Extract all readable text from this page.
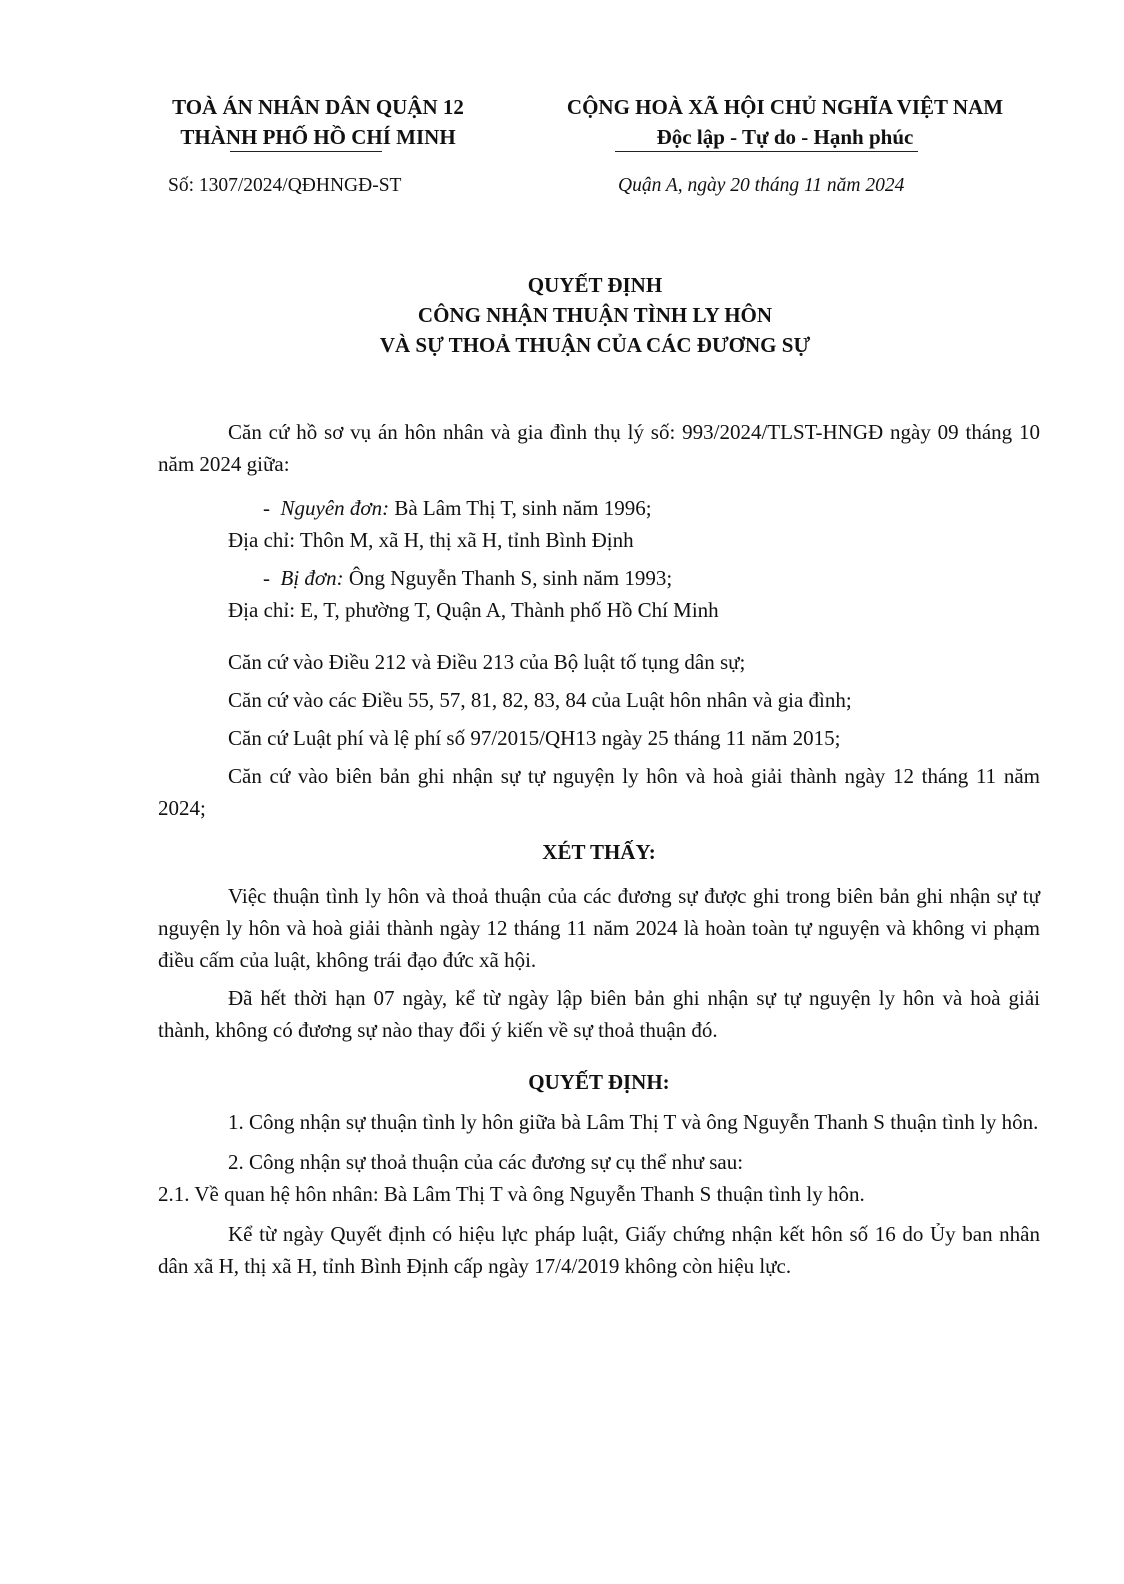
TOÀ ÁN NHÂN DÂN QUẬN 12
THÀNH PHỐ HỒ CHÍ MINH
CỘNG HOÀ XÃ HỘI CHỦ NGHĨA VIỆT NAM
Độc lập - Tự do - Hạnh phúc
Số: 1307/2024/QĐHNGĐ-ST	Quận A, ngày 20 tháng 11 năm 2024
QUYẾT ĐỊNH
CÔNG NHẬN THUẬN TÌNH LY HÔN
VÀ SỰ THOẢ THUẬN CỦA CÁC ĐƯƠNG SỰ

Căn cứ hồ sơ vụ án hôn nhân và gia đình thụ lý số: 993/2024/TLST-HNGĐ ngày 09 tháng 10 năm 2024 giữa:

-  Nguyên đơn: Bà Lâm Thị T, sinh năm 1996;

Địa chỉ: Thôn M, xã H, thị xã H, tỉnh Bình Định

-  Bị đơn: Ông Nguyễn Thanh S, sinh năm 1993;

Địa chỉ: E, T, phường T, Quận A, Thành phố Hồ Chí Minh

Căn cứ vào Điều 212 và Điều 213 của Bộ luật tố tụng dân sự;

Căn cứ vào các Điều 55, 57, 81, 82, 83, 84 của Luật hôn nhân và gia đình;

Căn cứ Luật phí và lệ phí số 97/2015/QH13 ngày 25 tháng 11 năm 2015;

Căn cứ vào biên bản ghi nhận sự tự nguyện ly hôn và hoà giải thành ngày 12 tháng 11 năm 2024;

XÉT THẤY:

Việc thuận tình ly hôn và thoả thuận của các đương sự được ghi trong biên bản ghi nhận sự tự nguyện ly hôn và hoà giải thành ngày 12 tháng 11 năm 2024 là hoàn toàn tự nguyện và không vi phạm điều cấm của luật, không trái đạo đức xã hội.

Đã hết thời hạn 07 ngày, kể từ ngày lập biên bản ghi nhận sự tự nguyện ly hôn và hoà giải thành, không có đương sự nào thay đổi ý kiến về sự thoả thuận đó.

QUYẾT ĐỊNH:

1. Công nhận sự thuận tình ly hôn giữa bà Lâm Thị T và ông Nguyễn Thanh S thuận tình ly hôn.

2. Công nhận sự thoả thuận của các đương sự cụ thể như sau:

2.1. Về quan hệ hôn nhân: Bà Lâm Thị T và ông Nguyễn Thanh S thuận tình ly hôn.

Kể từ ngày Quyết định có hiệu lực pháp luật, Giấy chứng nhận kết hôn số 16 do Ủy ban nhân dân xã H, thị xã H, tỉnh Bình Định cấp ngày 17/4/2019 không còn hiệu lực.
